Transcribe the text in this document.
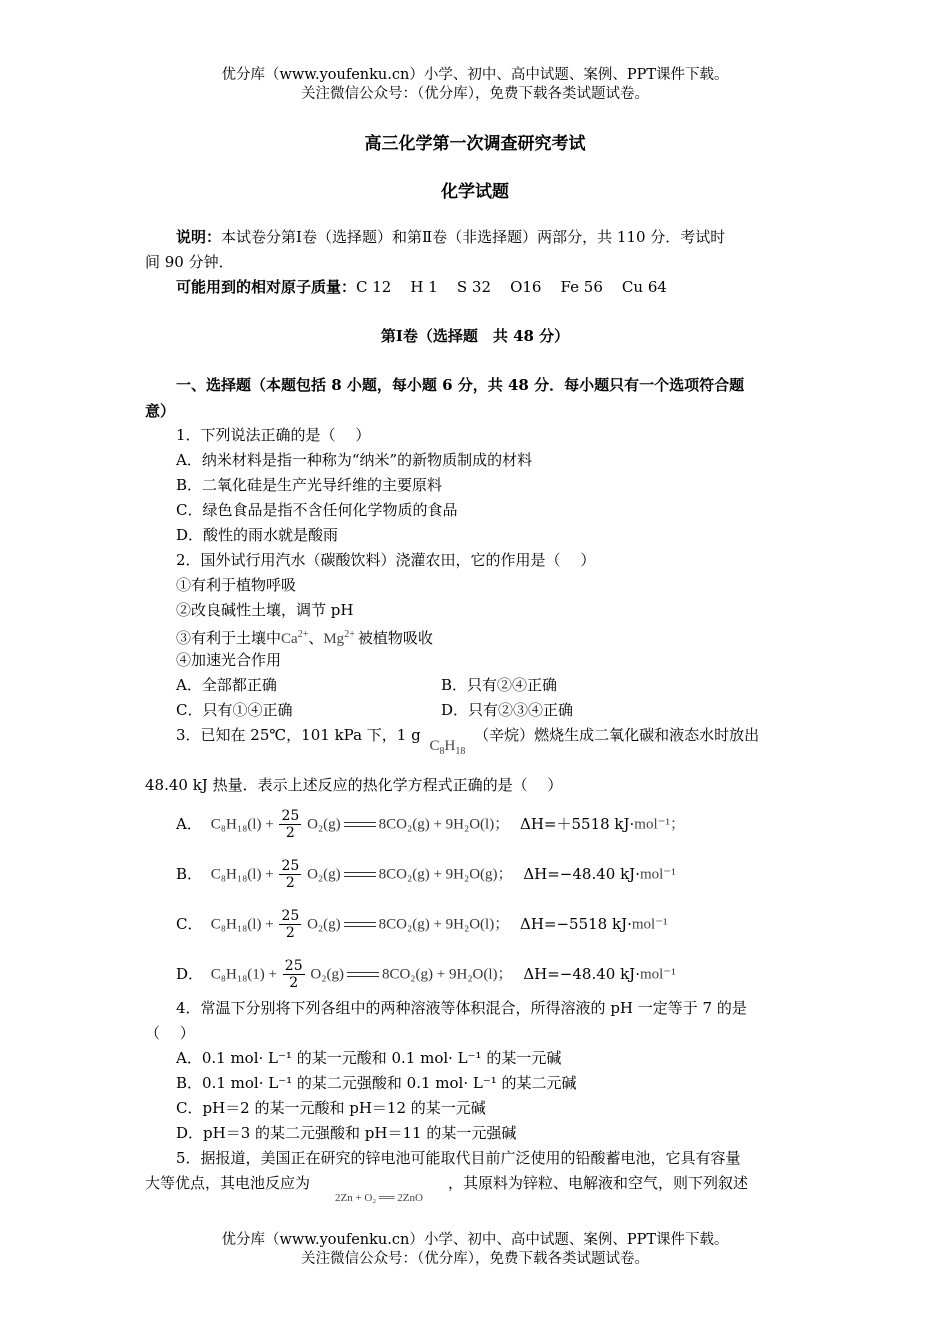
优分库（www.youfenku.cn）小学、初中、高中试题、案例、PPT课件下载。
关注微信公众号：（优分库），免费下载各类试题试卷。
高三化学第一次调查研究考试
化学试题
说明：本试卷分第Ⅰ卷（选择题）和第Ⅱ卷（非选择题）两部分，共 110 分．考试时
间 90 分钟．
可能用到的相对原子质量：C 12    H 1    S 32    O16    Fe 56    Cu 64
第Ⅰ卷（选择题　共 48 分）
一、选择题（本题包括 8 小题，每小题 6 分，共 48 分．每小题只有一个选项符合题
意）
1．下列说法正确的是（　 ）
A．纳米材料是指一种称为“纳米”的新物质制成的材料
B．二氧化硅是生产光导纤维的主要原料
C．绿色食品是指不含任何化学物质的食品
D．酸性的雨水就是酸雨
2．国外试行用汽水（碳酸饮料）浇灌农田，它的作用是（　 ）
①有利于植物呼吸
②改良碱性土壤，调节 pH
③有利于土壤中$Ca^{2+}$、$Mg^{2+}$ 被植物吸收
④加速光合作用
A．全部都正确	B．只有②④正确
C．只有①④正确	D．只有②③④正确
3．已知在 25℃，101 kPa 下，1 g $C_8H_{18}$ （辛烷）燃烧生成二氧化碳和液态水时放出
48.40 kJ 热量．表示上述反应的热化学方程式正确的是（　 ）
A． $C_8H_{18}(l) + \frac{25}{2} O_2(g)$	8CO₂(g) + 9H₂O(l)； ΔH=＋5518 kJ·mol⁻¹；
B． $C_8H_{18}(l) + \frac{25}{2} O_2(g)$	8CO₂(g) + 9H₂O(g)； ΔH=−48.40 kJ·mol⁻¹
C． $C_8H_{18}(l) + \frac{25}{2} O_2(g)$	8CO₂(g) + 9H₂O(l)； ΔH=−5518 kJ·mol⁻¹
D． $C_8H_{18}(1) + \frac{25}{2} O_2(g)$	8CO₂(g) + 9H₂O(l)； ΔH=−48.40 kJ·mol⁻¹
4．常温下分别将下列各组中的两种溶液等体积混合，所得溶液的 pH 一定等于 7 的是
（　 ）
A．0.1 mol· L⁻¹ 的某一元酸和 0.1 mol· L⁻¹ 的某一元碱
B．0.1 mol· L⁻¹ 的某二元强酸和 0.1 mol· L⁻¹ 的某二元碱
C．pH＝2 的某一元酸和 pH＝12 的某一元碱
D．pH＝3 的某二元强酸和 pH＝11 的某一元强碱
5．据报道，美国正在研究的锌电池可能取代目前广泛使用的铅酸蓄电池，它具有容量
大等优点，其电池反应为	，其原料为锌粒、电解液和空气，则下列叙述
2Zn + O₂ ══ 2ZnO
优分库（www.youfenku.cn）小学、初中、高中试题、案例、PPT课件下载。
关注微信公众号：（优分库），免费下载各类试题试卷。
